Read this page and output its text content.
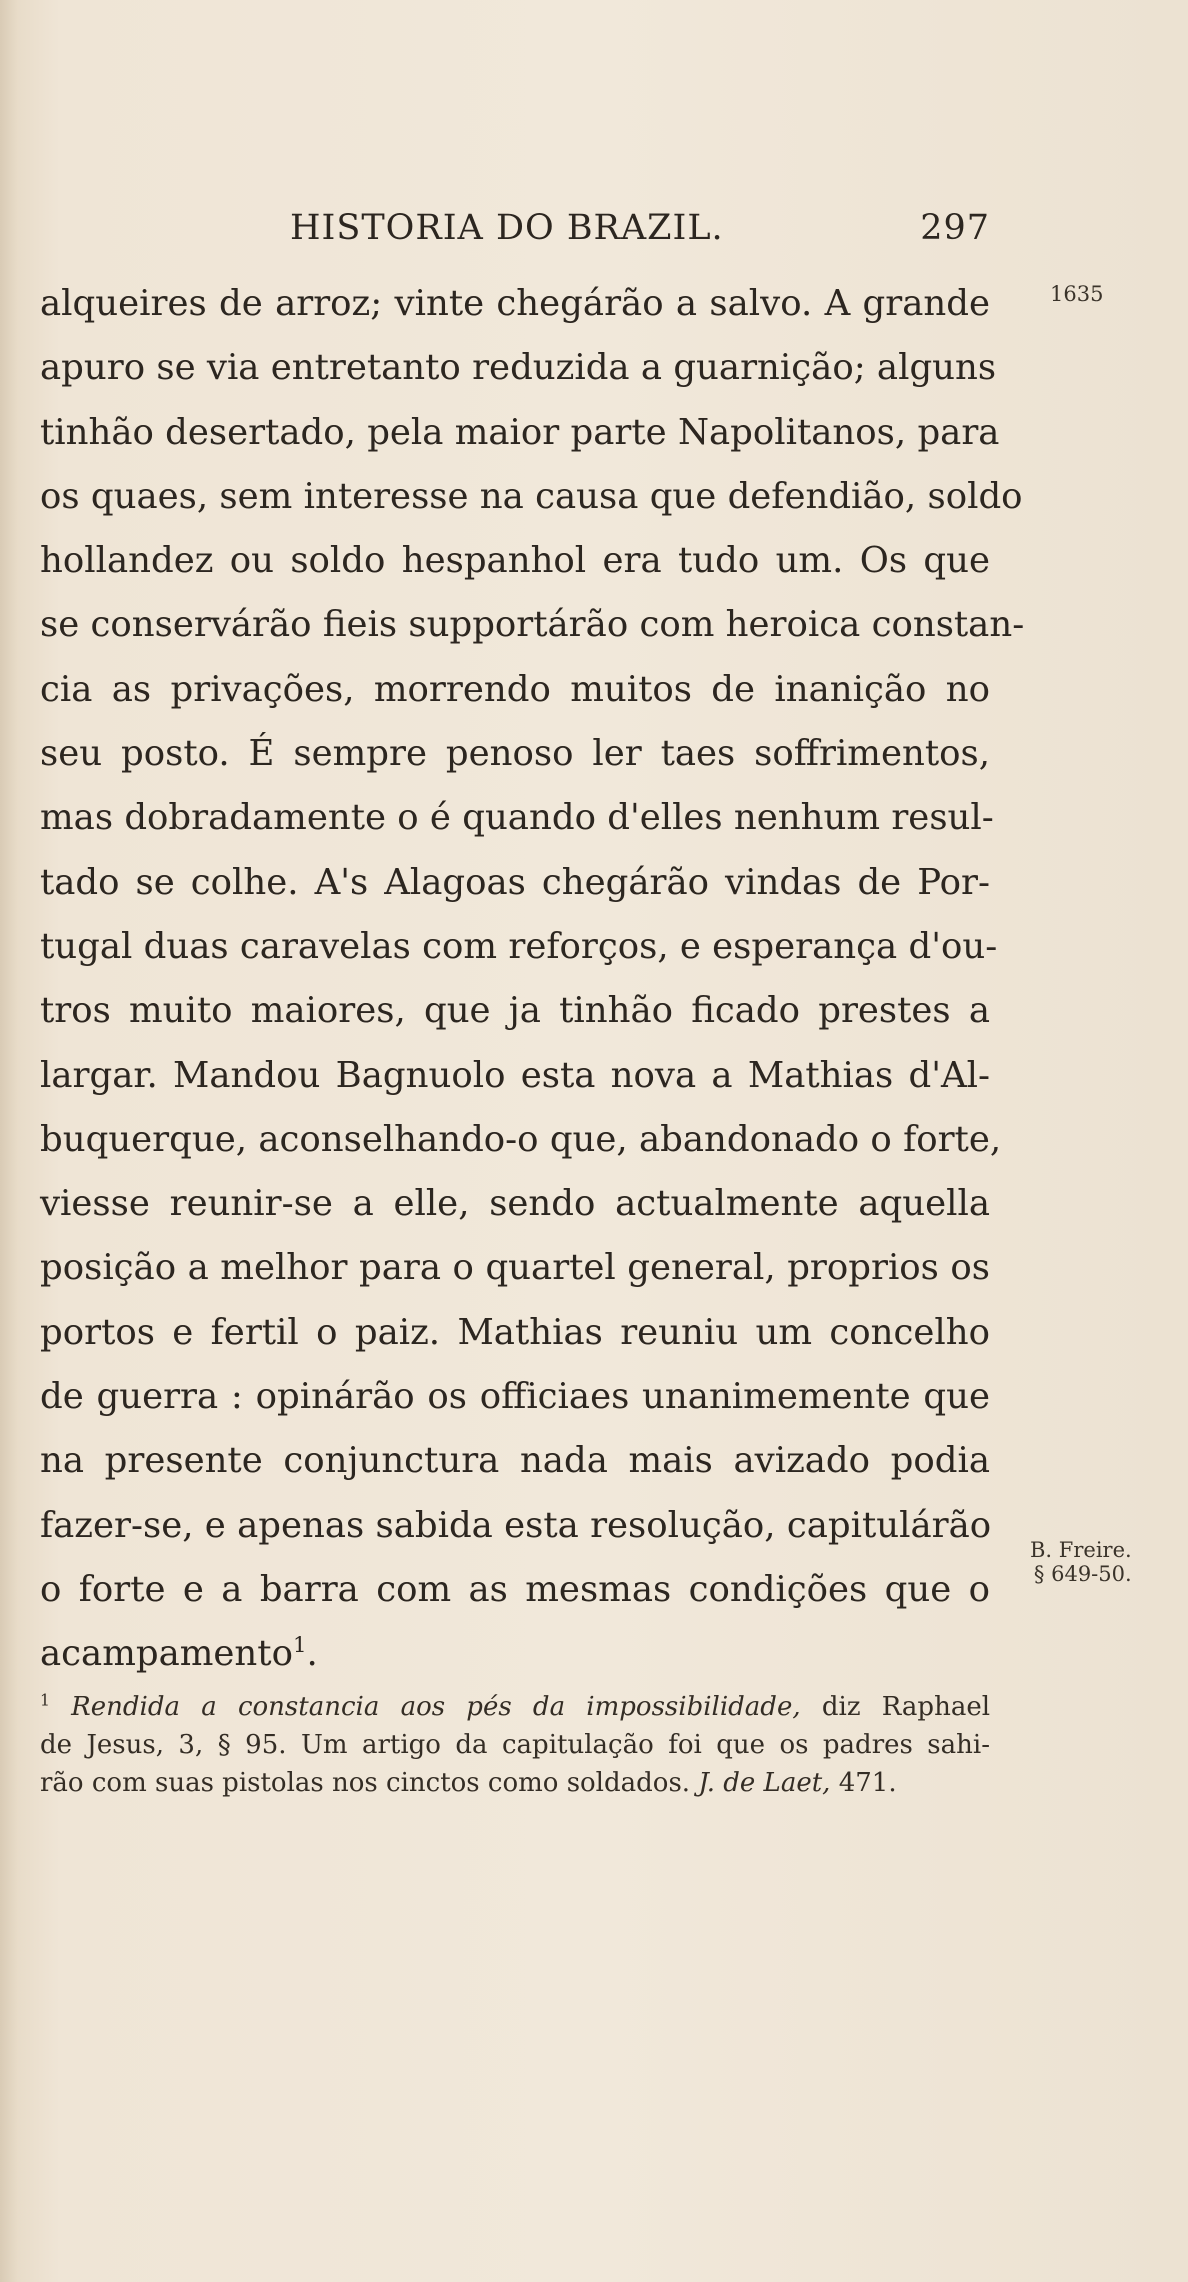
HISTORIA DO BRAZIL.	297
1635
B. Freire.
§ 649-50.
alqueires de arroz; vinte chegárão a salvo. A grande
apuro se via entretanto reduzida a guarnição; alguns
tinhão desertado, pela maior parte Napolitanos, para
os quaes, sem interesse na causa que defendião, soldo
hollandez ou soldo hespanhol era tudo um. Os que
se conservárão fieis supportárão com heroica constan-
cia as privações, morrendo muitos de inanição no
seu posto. É sempre penoso ler taes soffrimentos,
mas dobradamente o é quando d'elles nenhum resul-
tado se colhe. A's Alagoas chegárão vindas de Por-
tugal duas caravelas com reforços, e esperança d'ou-
tros muito maiores, que ja tinhão ficado prestes a
largar. Mandou Bagnuolo esta nova a Mathias d'Al-
buquerque, aconselhando-o que, abandonado o forte,
viesse reunir-se a elle, sendo actualmente aquella
posição a melhor para o quartel general, proprios os
portos e fertil o paiz. Mathias reuniu um concelho
de guerra : opinárão os officiaes unanimemente que
na presente conjunctura nada mais avizado podia
fazer-se, e apenas sabida esta resolução, capitulárão
o forte e a barra com as mesmas condições que o
acampamento$^1$.
$^1$ Rendida a constancia aos pés da impossibilidade, diz Raphael
de Jesus, 3, § 95. Um artigo da capitulação foi que os padres sahi-
rão com suas pistolas nos cinctos como soldados. J. de Laet, 471.
